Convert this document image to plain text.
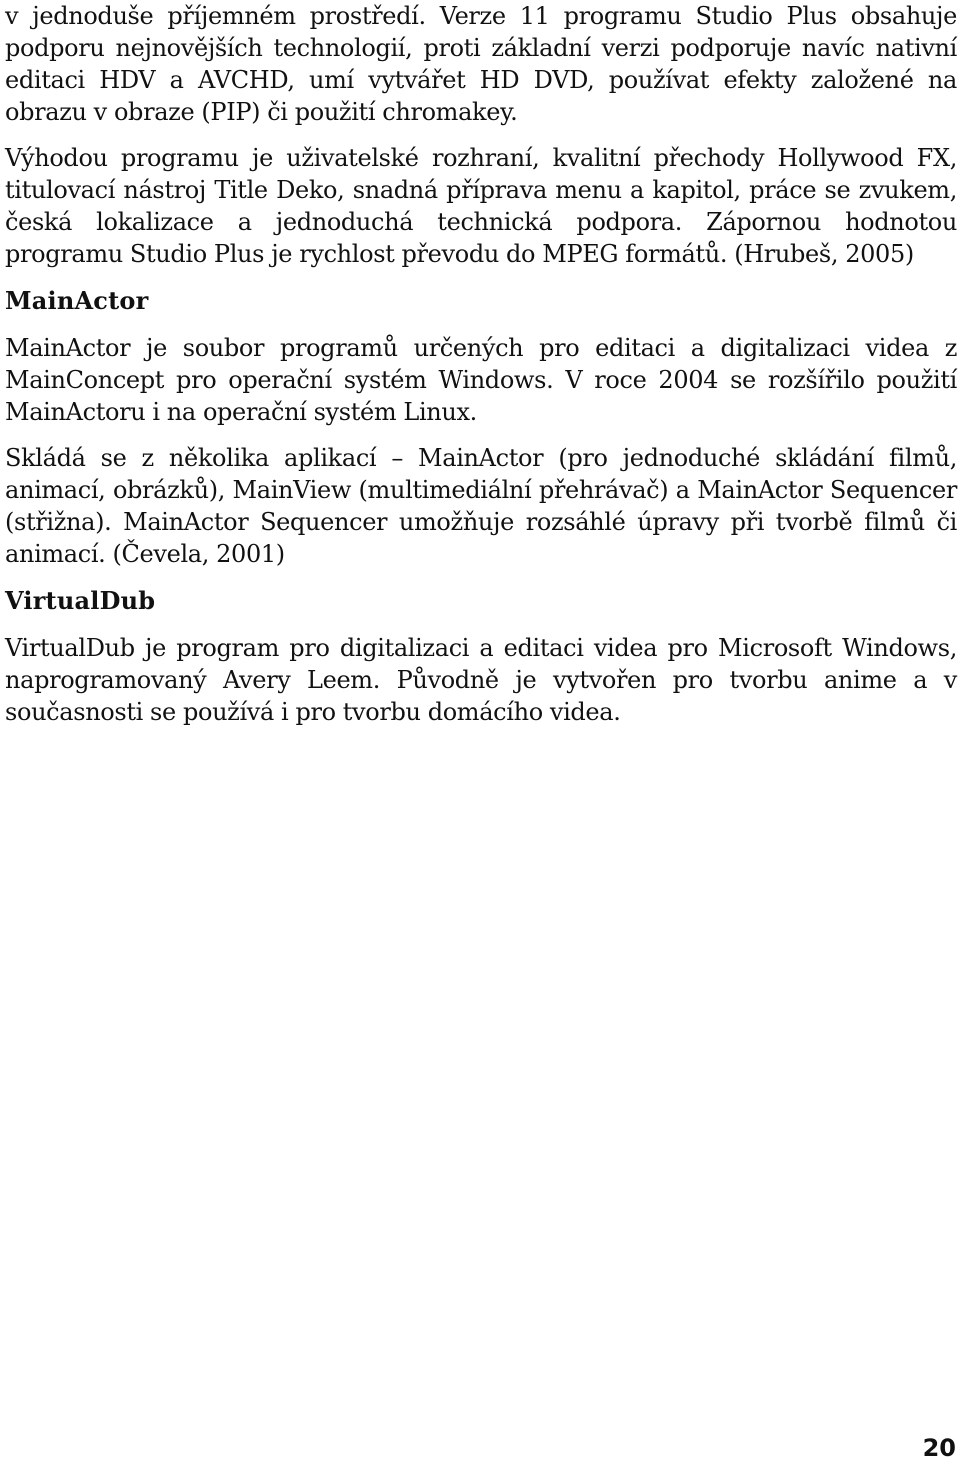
v jednoduše příjemném prostředí. Verze 11 programu Studio Plus obsahuje podporu nejnovějších technologií, proti základní verzi podporuje navíc nativní editaci HDV a AVCHD, umí vytvářet HD DVD, používat efekty založené na obrazu v obraze (PIP) či použití chromakey.

Výhodou programu je uživatelské rozhraní, kvalitní přechody Hollywood FX, titulovací nástroj Title Deko, snadná příprava menu a kapitol, práce se zvukem, česká lokalizace a jednoduchá technická podpora. Zápornou hodnotou programu Studio Plus je rychlost převodu do MPEG formátů. (Hrubeš, 2005)

MainActor

MainActor je soubor programů určených pro editaci a digitalizaci videa z MainConcept pro operační systém Windows. V roce 2004 se rozšířilo použití MainActoru i na operační systém Linux.

Skládá se z několika aplikací – MainActor (pro jednoduché skládání filmů, animací, obrázků), MainView (multimediální přehrávač) a MainActor Sequencer (střižna). MainActor Sequencer umožňuje rozsáhlé úpravy při tvorbě filmů či animací. (Čevela, 2001)

VirtualDub

VirtualDub je program pro digitalizaci a editaci videa pro Microsoft Windows, naprogramovaný Avery Leem. Původně je vytvořen pro tvorbu anime a v současnosti se používá i pro tvorbu domácího videa.

20
